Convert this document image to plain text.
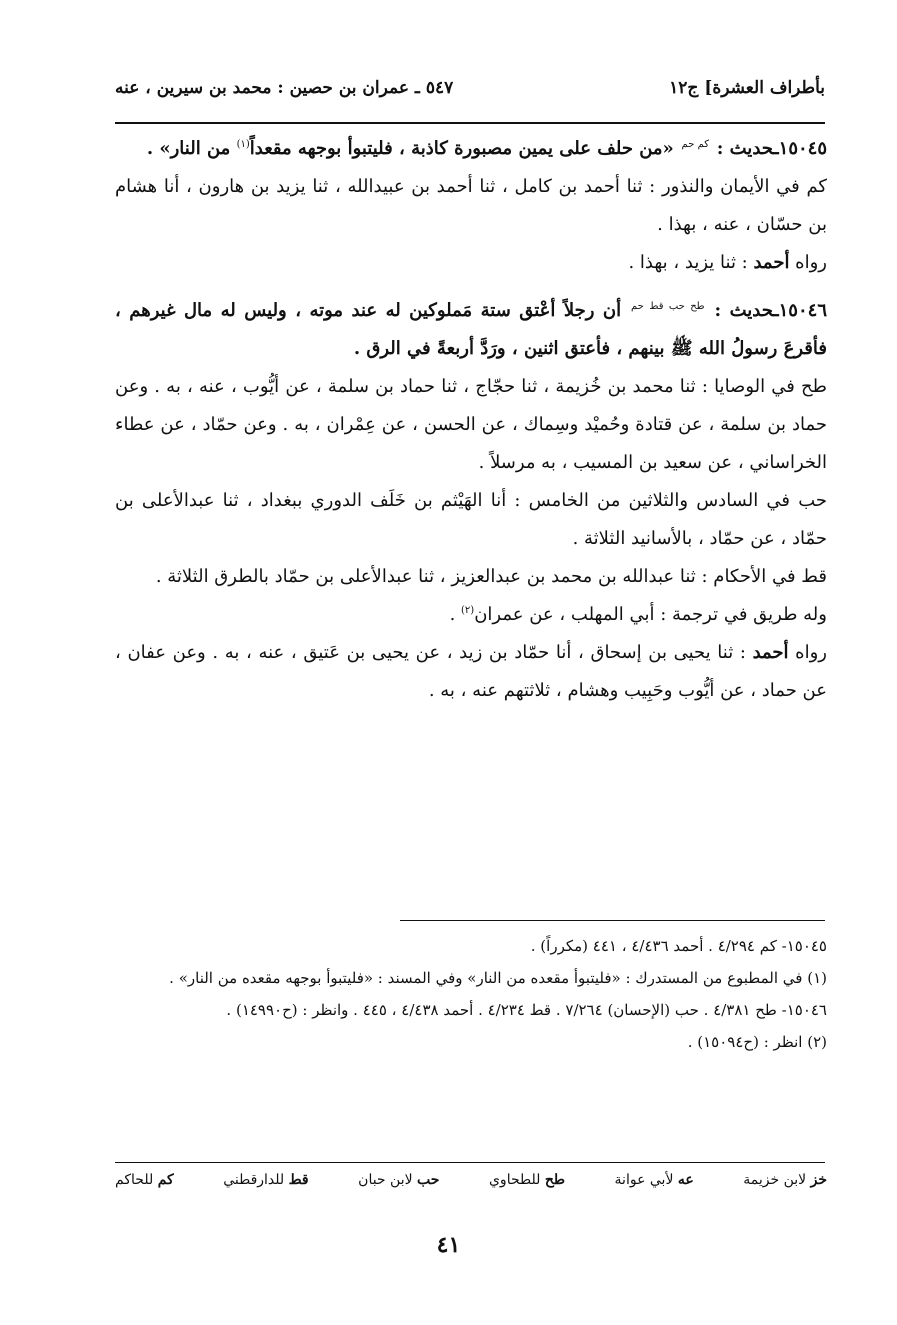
بأطراف العشرة] ج١٢
٥٤٧ ـ عمران بن حصين : محمد بن سيرين ، عنه

١٥٠٤٥ـحديث : $^{كم حم}$ «من حلف على يمين مصبورة كاذبة ، فليتبوأ بوجهه مقعداً$^{(١)}$ من النار» .

كم في الأيمان والنذور : ثنا أحمد بن كامل ، ثنا أحمد بن عبيدالله ، ثنا يزيد بن هارون ، أنا هشام بن حسّان ، عنه ، بهذا .

رواه أحمد : ثنا يزيد ، بهذا .

١٥٠٤٦ـحديث : $^{طح حب قط حم}$ أن رجلاً أعْتق ستة مَملوكين له عند موته ، وليس له مال غيرهم ، فأقرعَ رسولُ الله ﷺ بينهم ، فأعتق اثنين ، ورَدَّ أربعةً في الرق .

طح في الوصايا : ثنا محمد بن خُزيمة ، ثنا حجّاج ، ثنا حماد بن سلمة ، عن أيُّوب ، عنه ، به . وعن حماد بن سلمة ، عن قتادة وحُميْد وسِماك ، عن الحسن ، عن عِمْران ، به . وعن حمّاد ، عن عطاء الخراساني ، عن سعيد بن المسيب ، به مرسلاً .

حب في السادس والثلاثين من الخامس : أنا الهَيْثم بن خَلَف الدوري ببغداد ، ثنا عبدالأعلى بن حمّاد ، عن حمّاد ، بالأسانيد الثلاثة .

قط في الأحكام : ثنا عبدالله بن محمد بن عبدالعزيز ، ثنا عبدالأعلى بن حمّاد بالطرق الثلاثة .

وله طريق في ترجمة : أبي المهلب ، عن عمران$^{(٢)}$ .

رواه أحمد : ثنا يحيى بن إسحاق ، أنا حمّاد بن زيد ، عن يحيى بن عَتيق ، عنه ، به . وعن عفان ، عن حماد ، عن أيُّوب وحَبِيب وهشام ، ثلاثتهم عنه ، به .

١٥٠٤٥- كم ٤/٢٩٤ . أحمد ٤/٤٣٦ ، ٤٤١ (مكرراً) .

(١) في المطبوع من المستدرك : «فليتبوأ مقعده من النار» وفي المسند : «فليتبوأ بوجهه مقعده من النار» .

١٥٠٤٦- طح ٤/٣٨١ . حب (الإحسان) ٧/٢٦٤ . قط ٤/٢٣٤ . أحمد ٤/٤٣٨ ، ٤٤٥ . وانظر : (ح١٤٩٩٠) .

(٢) انظر : (ح١٥٠٩٤) .

خز لابن خزيمة
عه لأبي عوانة
طح للطحاوي
حب لابن حبان
قط للدارقطني
كم للحاكم
٤١
